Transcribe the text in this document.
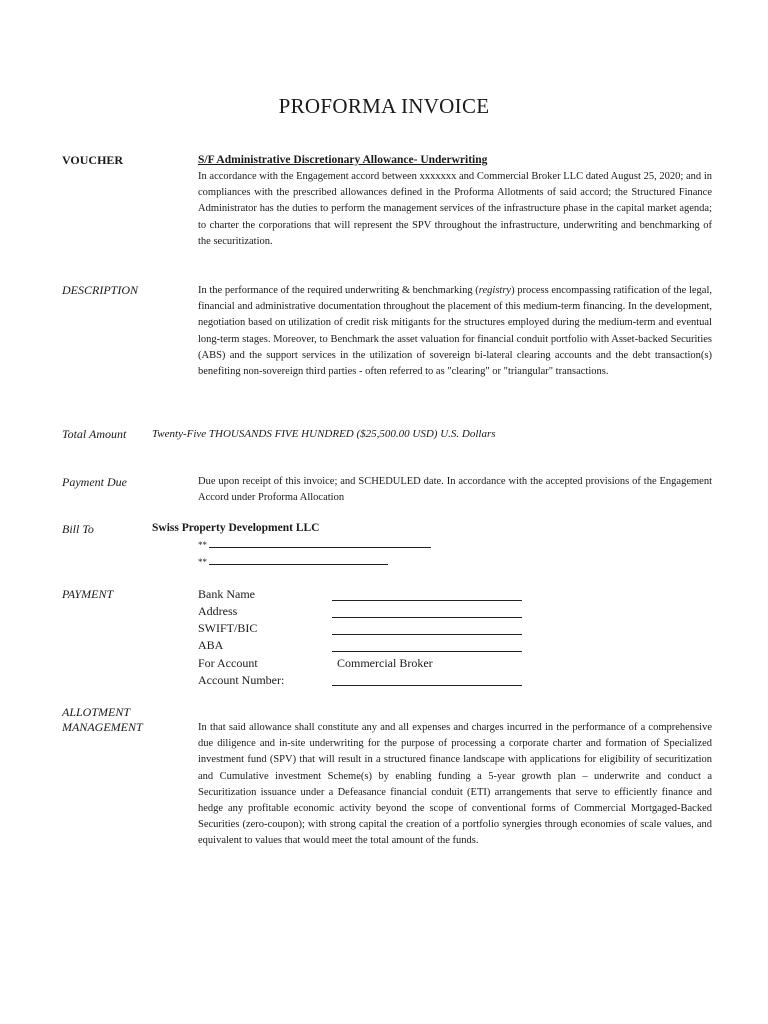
PROFORMA INVOICE
VOUCHER	S/F Administrative Discretionary Allowance- Underwriting
In accordance with the Engagement accord between xxxxxxx and Commercial Broker LLC dated August 25, 2020; and in compliances with the prescribed allowances defined in the Proforma Allotments of said accord; the Structured Finance Administrator has the duties to perform the management services of the infrastructure phase in the capital market agenda; to charter the corporations that will represent the SPV throughout the infrastructure, underwriting and benchmarking of the securitization.
DESCRIPTION	In the performance of the required underwriting & benchmarking (registry) process encompassing ratification of the legal, financial and administrative documentation throughout the placement of this medium-term financing. In the development, negotiation based on utilization of credit risk mitigants for the structures employed during the medium-term and eventual long-term stages. Moreover, to Benchmark the asset valuation for financial conduit portfolio with Asset-backed Securities (ABS) and the support services in the utilization of sovereign bi-lateral clearing accounts and the debt transaction(s) benefiting non-sovereign third parties - often referred to as "clearing" or "triangular" transactions.
Total Amount Twenty-Five THOUSANDS FIVE HUNDRED ($25,500.00 USD) U.S. Dollars
Payment Due	Due upon receipt of this invoice; and SCHEDULED date. In accordance with the accepted provisions of the Engagement Accord under Proforma Allocation
Bill To	Swiss Property Development LLC
**
**
PAYMENT	Bank Name
Address
SWIFT/BIC
ABA
For Account	Commercial Broker
Account Number:
ALLOTMENT
MANAGEMENT	In that said allowance shall constitute any and all expenses and charges incurred in the performance of a comprehensive due diligence and in-site underwriting for the purpose of processing a corporate charter and formation of Specialized investment fund (SPV) that will result in a structured finance landscape with applications for eligibility of securitization and Cumulative investment Scheme(s) by enabling funding a 5-year growth plan – underwrite and conduct a Securitization issuance under a Defeasance financial conduit (ETI) arrangements that serve to efficiently finance and hedge any profitable economic activity beyond the scope of conventional forms of Commercial Mortgaged-Backed Securities (zero-coupon); with strong capital the creation of a portfolio synergies through economies of scale values, and equivalent to values that would meet the total amount of the funds.
